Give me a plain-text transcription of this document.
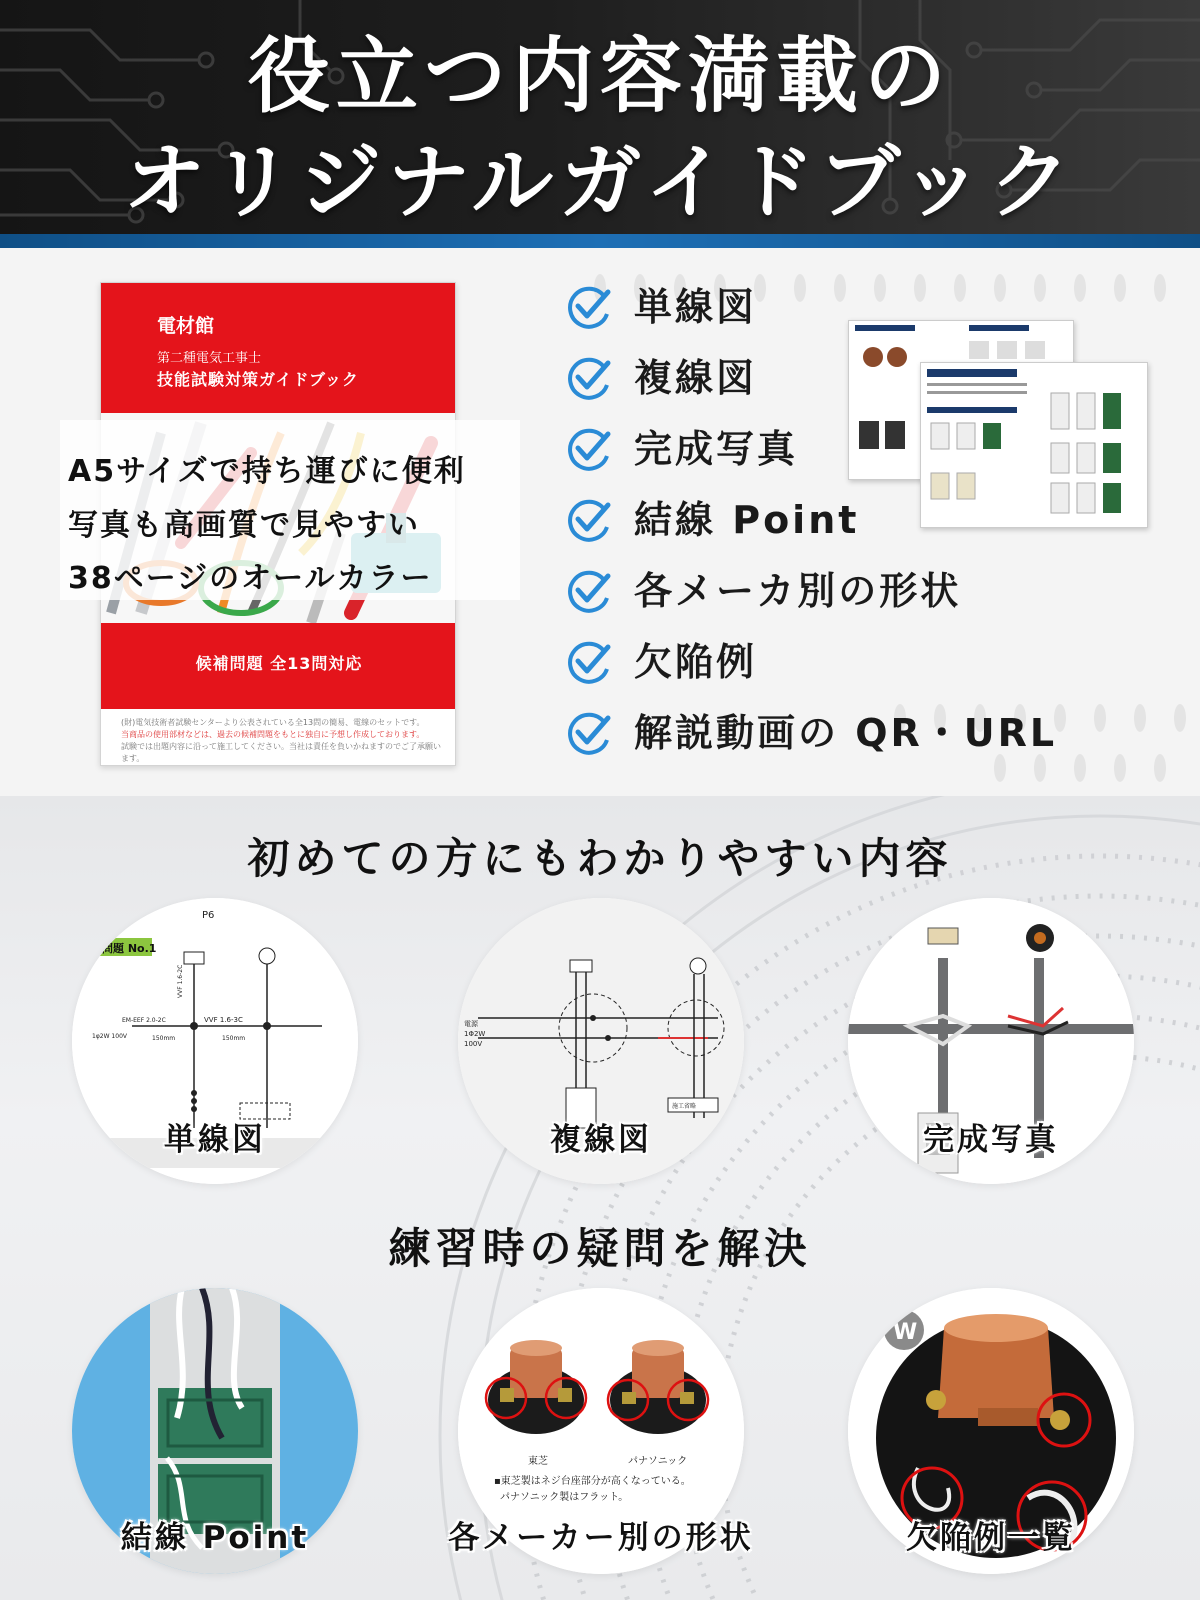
役立つ内容満載の
オリジナルガイドブック
電材館
第二種電気工事士
技能試験対策ガイドブック
候補問題 全13問対応
(財)電気技術者試験センターより公表されている全13問の簡易、電線のセットです。
当商品の使用部材などは、過去の候補問題をもとに独自に予想し作成しております。
試験では出題内容に沿って施工してください。当社は責任を負いかねますのでご了承願います。
A5サイズで持ち運びに便利
写真も高画質で見やすい
38ページのオールカラー
単線図
複線図
完成写真
結線 Point
各メーカ別の形状
欠陥例
解説動画の QR・URL
初めての方にもわかりやすい内容
P6
問題 No.1
VVF 1.6-3C
EM-EEF 2.0-2C
1φ2W 100V	150mm	150mm
VVF 1.6-2C
単線図
電源
1Φ2W
100V
施工省略
複線図	完成写真
練習時の疑問を解決
結線 Point
東芝	パナソニック
▪東芝製はネジ台座部分が高くなっている。
パナソニック製はフラット。
各メーカー別の形状
W
欠陥例一覧
